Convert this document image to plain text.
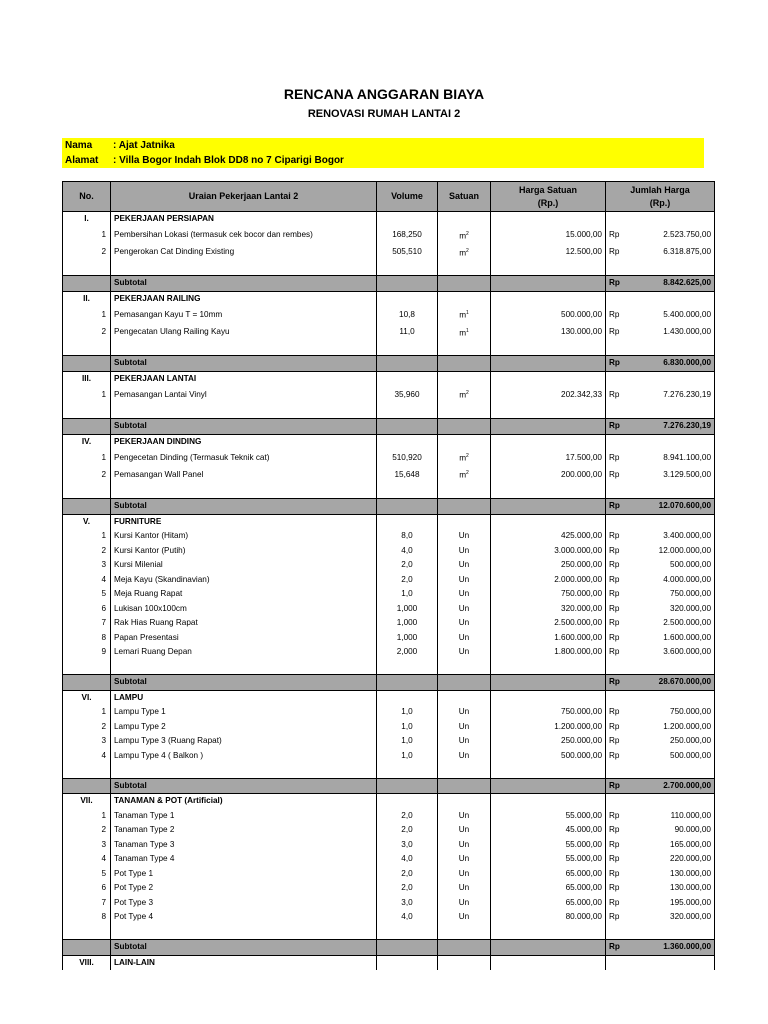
RENCANA ANGGARAN BIAYA
RENOVASI RUMAH LANTAI 2
Nama : Ajat Jatnika
Alamat : Villa Bogor Indah Blok DD8 no 7 Ciparigi Bogor
No.	Uraian Pekerjaan Lantai 2	Volume	Satuan	Harga Satuan
(Rp.)	Jumlah Harga
(Rp.)	
I.	PEKERJAAN PERSIAPAN					
1	Pembersihan Lokasi (termasuk cek bocor dan rembes)	168,250	$m^2$	15.000,00	Rp	2.523.750,00
2	Pengerokan Cat Dinding Existing	505,510	$m^2$	12.500,00	Rp	6.318.875,00

	Subtotal				Rp	8.842.625,00
II.	PEKERJAAN RAILING					
1	Pemasangan Kayu T = 10mm	10,8	$m^1$	500.000,00	Rp	5.400.000,00
2	Pengecatan Ulang Railing Kayu	11,0	$m^1$	130.000,00	Rp	1.430.000,00

	Subtotal				Rp	6.830.000,00
III.	PEKERJAAN LANTAI					
1	Pemasangan Lantai Vinyl	35,960	$m^2$	202.342,33	Rp	7.276.230,19

	Subtotal				Rp	7.276.230,19
IV.	PEKERJAAN DINDING					
1	Pengecetan Dinding (Termasuk Teknik cat)	510,920	$m^2$	17.500,00	Rp	8.941.100,00
2	Pemasangan Wall Panel	15,648	$m^2$	200.000,00	Rp	3.129.500,00

	Subtotal				Rp	12.070.600,00
V.	FURNITURE					
1	Kursi Kantor (Hitam)	8,0	Un	425.000,00	Rp	3.400.000,00
2	Kursi Kantor (Putih)	4,0	Un	3.000.000,00	Rp	12.000.000,00
3	Kursi Milenial	2,0	Un	250.000,00	Rp	500.000,00
4	Meja Kayu (Skandinavian)	2,0	Un	2.000.000,00	Rp	4.000.000,00
5	Meja Ruang Rapat	1,0	Un	750.000,00	Rp	750.000,00
6	Lukisan 100x100cm	1,000	Un	320.000,00	Rp	320.000,00
7	Rak Hias Ruang Rapat	1,000	Un	2.500.000,00	Rp	2.500.000,00
8	Papan Presentasi	1,000	Un	1.600.000,00	Rp	1.600.000,00
9	Lemari Ruang Depan	2,000	Un	1.800.000,00	Rp	3.600.000,00

	Subtotal				Rp	28.670.000,00
VI.	LAMPU					
1	Lampu Type 1	1,0	Un	750.000,00	Rp	750.000,00
2	Lampu Type 2	1,0	Un	1.200.000,00	Rp	1.200.000,00
3	Lampu Type 3 (Ruang Rapat)	1,0	Un	250.000,00	Rp	250.000,00
4	Lampu Type 4 ( Balkon )	1,0	Un	500.000,00	Rp	500.000,00

	Subtotal				Rp	2.700.000,00
VII.	TANAMAN & POT (Artificial)					
1	Tanaman Type 1	2,0	Un	55.000,00	Rp	110.000,00
2	Tanaman Type 2	2,0	Un	45.000,00	Rp	90.000,00
3	Tanaman Type 3	3,0	Un	55.000,00	Rp	165.000,00
4	Tanaman Type 4	4,0	Un	55.000,00	Rp	220.000,00
5	Pot Type 1	2,0	Un	65.000,00	Rp	130.000,00
6	Pot Type 2	2,0	Un	65.000,00	Rp	130.000,00
7	Pot Type 3	3,0	Un	65.000,00	Rp	195.000,00
8	Pot Type 4	4,0	Un	80.000,00	Rp	320.000,00

	Subtotal				Rp	1.360.000,00
VIII.	LAIN-LAIN					
